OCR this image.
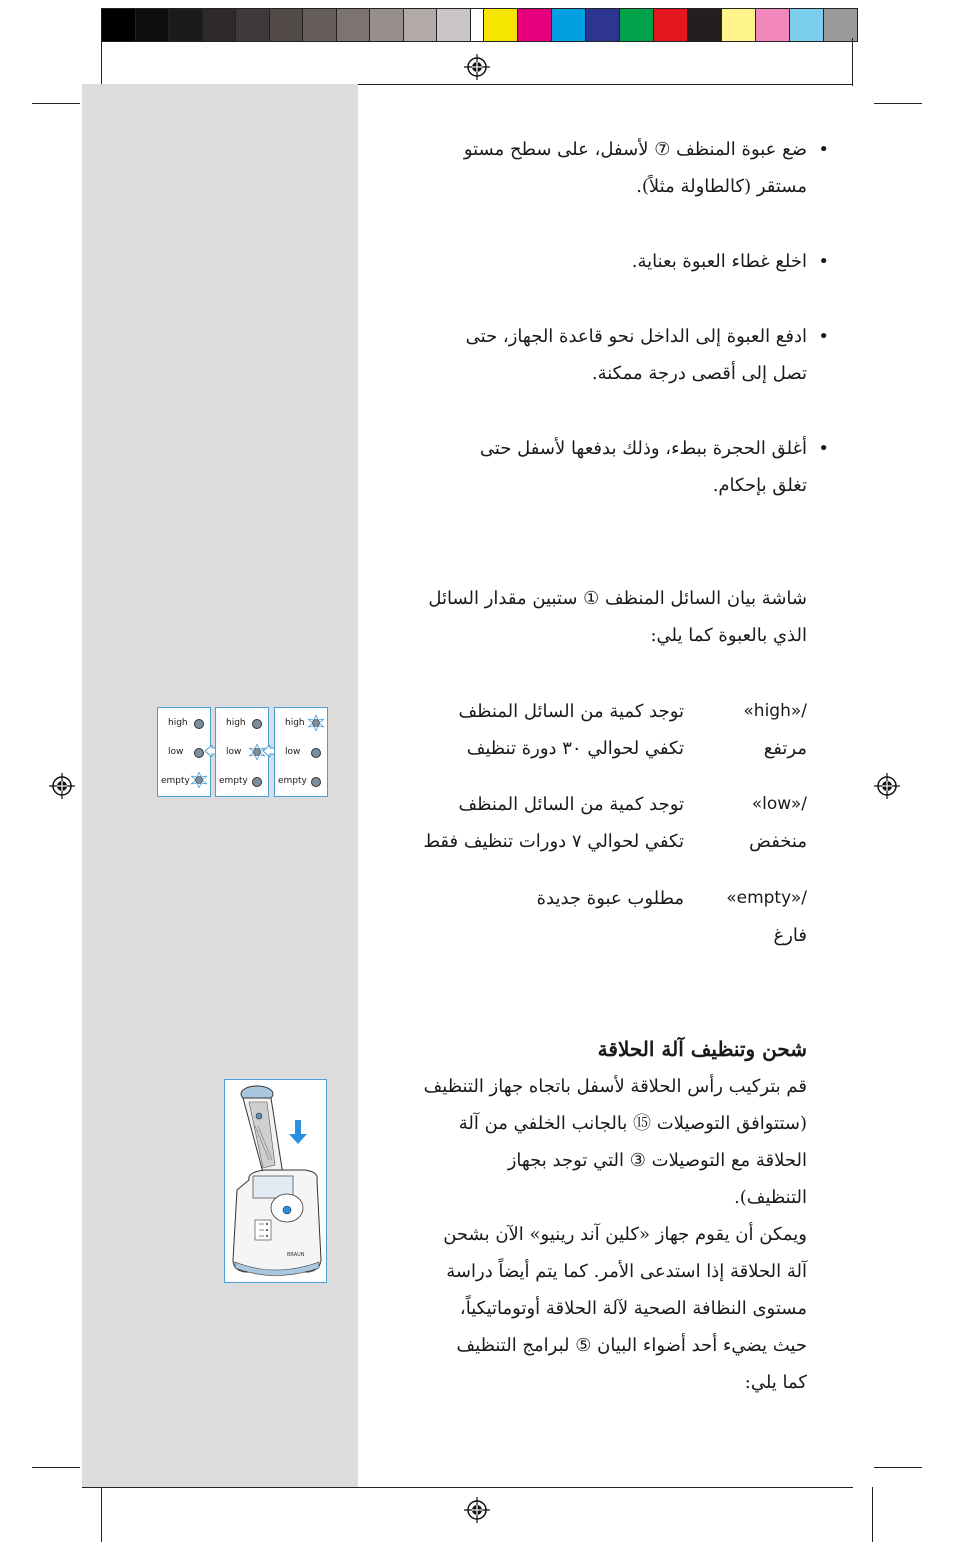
•
ضع عبوة المنظف ⑦ لأسفل، على سطح مستو
مستقر (كالطاولة مثلاً).
•
اخلع غطاء العبوة بعناية.
•
ادفع العبوة إلى الداخل نحو قاعدة الجهاز، حتى
تصل إلى أقصى درجة ممكنة.
•
أغلق الحجرة ببطء، وذلك بدفعها لأسفل حتى
تغلق بإحكام.
شاشة بيان السائل المنظف ① ستبين مقدار السائل
الذي بالعبوة كما يلي:
«high»/
مرتفع
توجد كمية من السائل المنظف
تكفي لحوالي ٣٠ دورة تنظيف
«low»/
منخفض
توجد كمية من السائل المنظف
تكفي لحوالي ٧ دورات تنظيف فقط
«empty»/
فارغ
مطلوب عبوة جديدة
high
low
empty
high
low
empty
high
low
empty
شحن وتنظيف آلة الحلاقة
قم بتركيب رأس الحلاقة لأسفل باتجاه جهاز التنظيف
(ستتوافق التوصيلات ⑮ بالجانب الخلفي من آلة
الحلاقة مع التوصيلات ③ التي توجد بجهاز
التنظيف).
ويمكن أن يقوم جهاز «كلين آند رينيو» الآن بشحن
آلة الحلاقة إذا استدعى الأمر. كما يتم أيضاً دراسة
مستوى النظافة الصحية لآلة الحلاقة أوتوماتيكياً،
حيث يضيء أحد أضواء البيان ⑤ لبرامج التنظيف
كما يلي:
BRAUN
